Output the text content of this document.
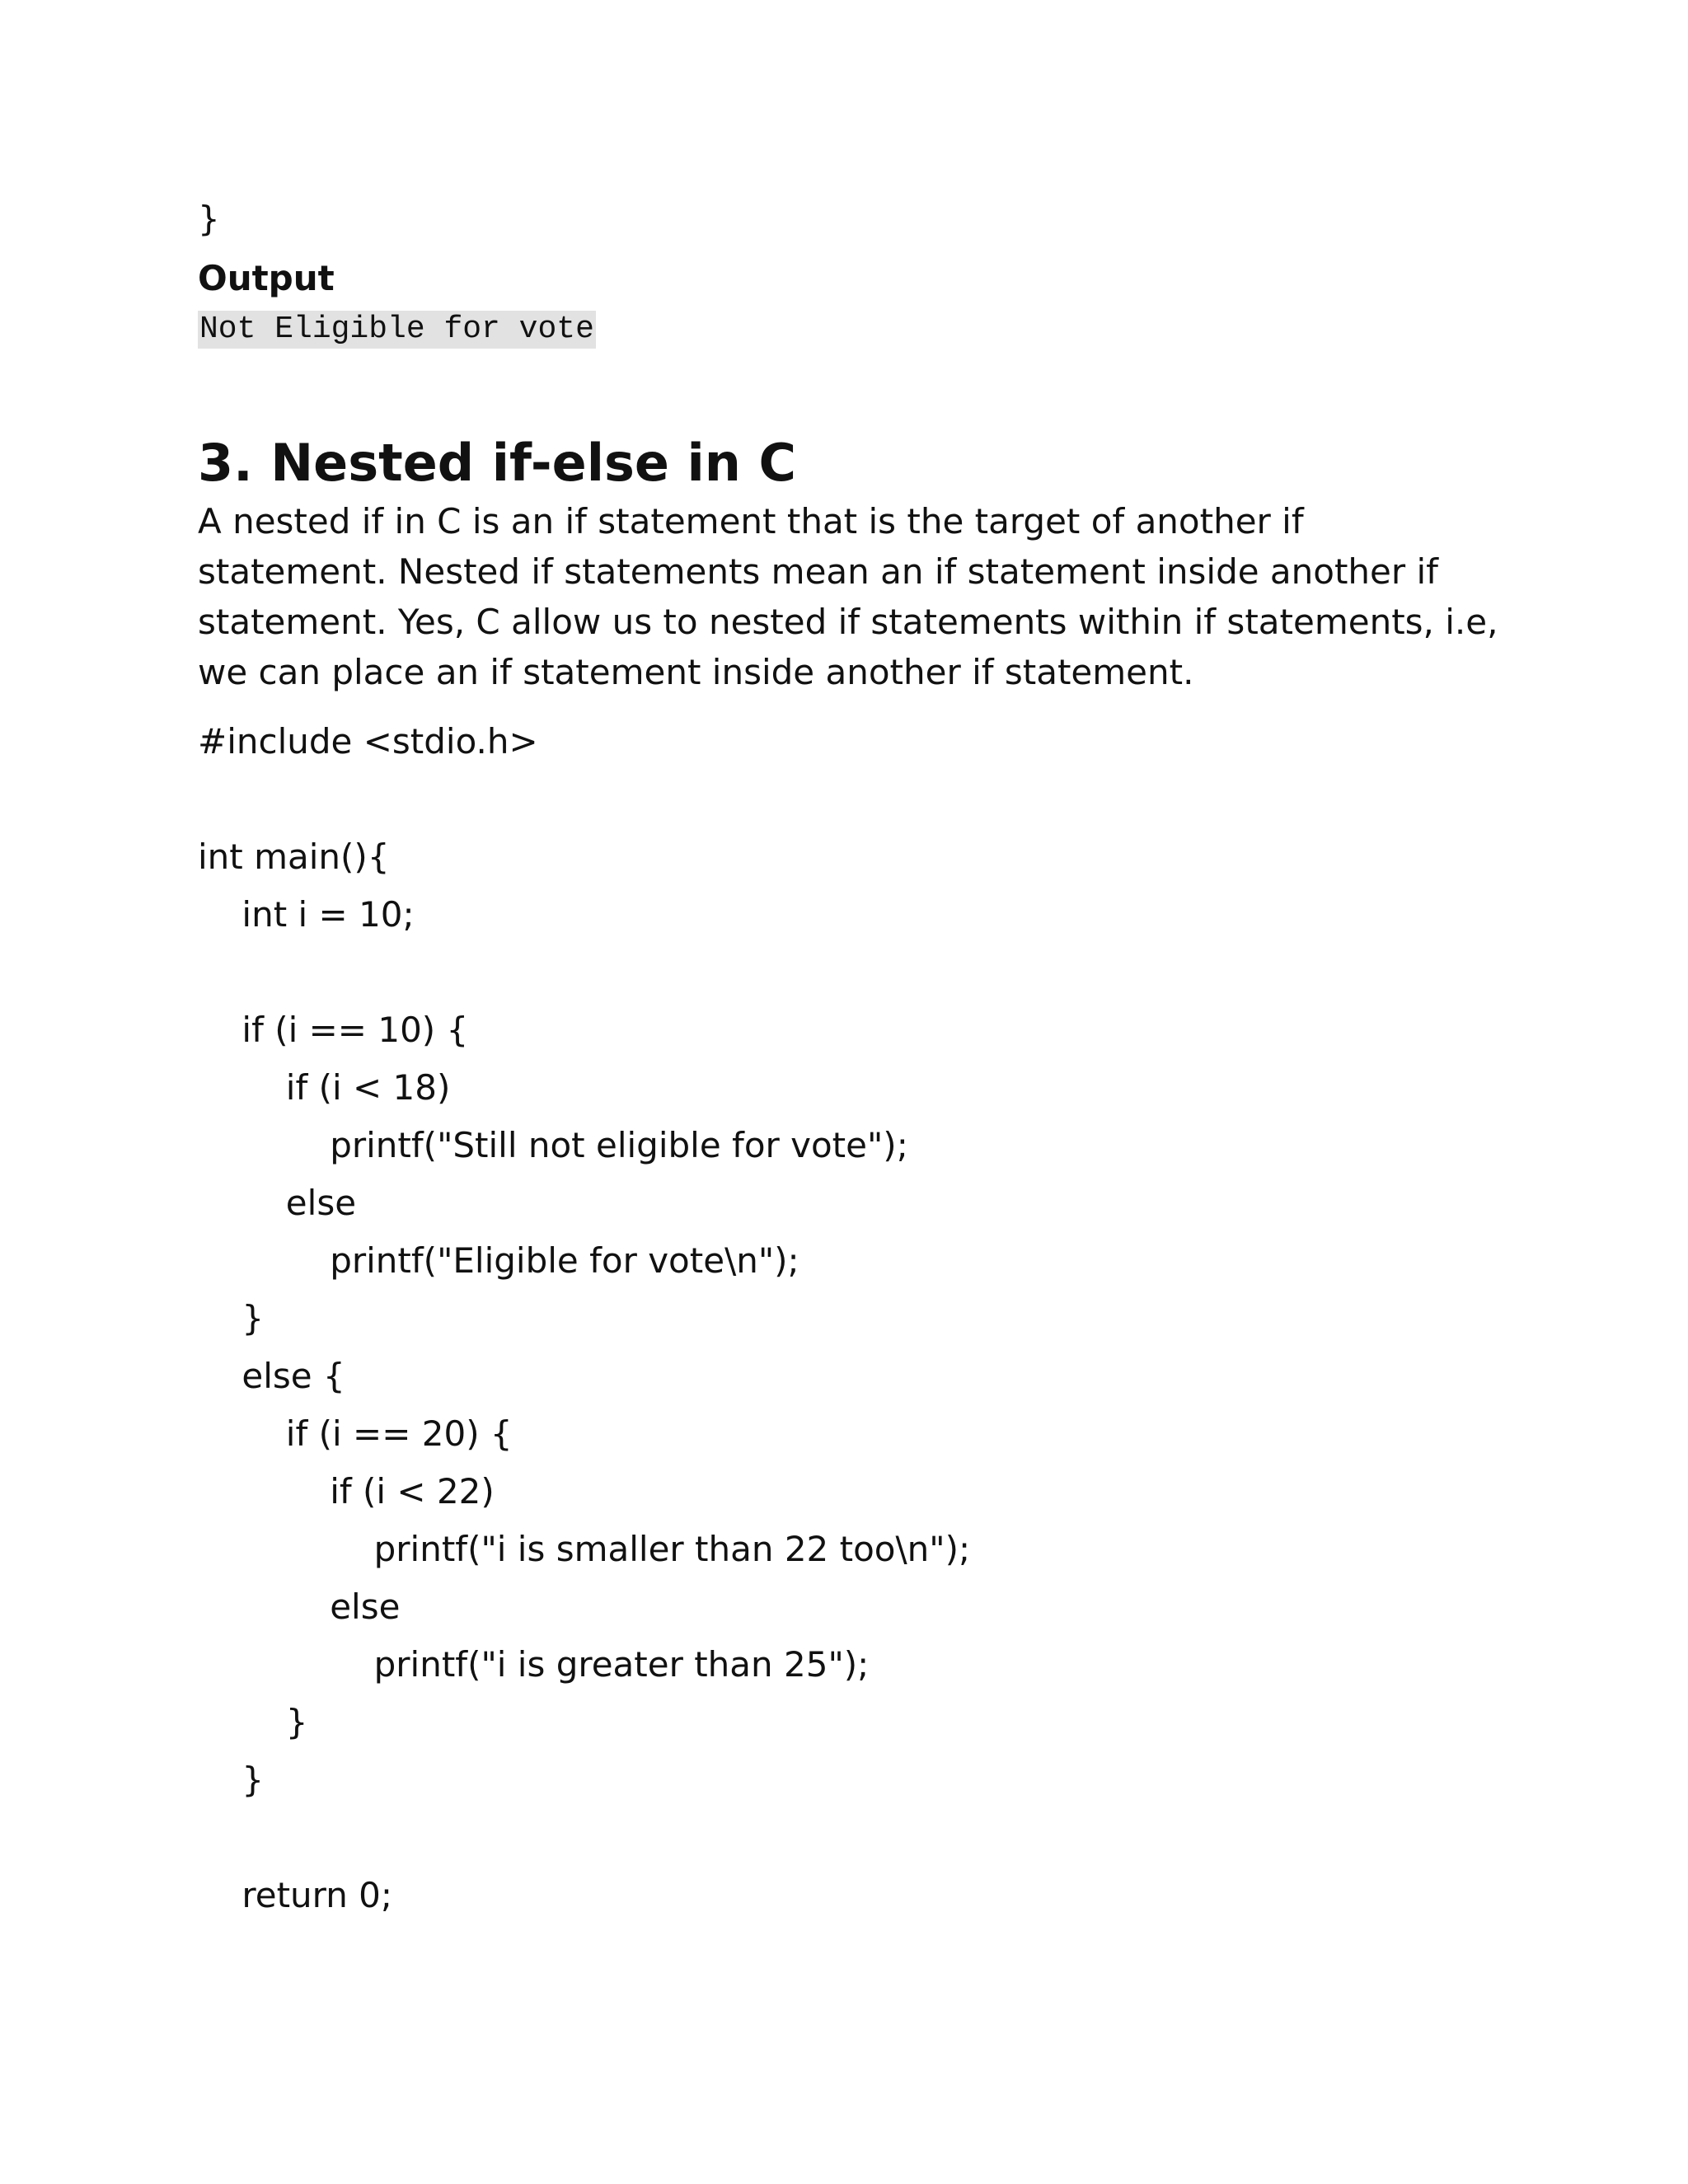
}
Output
Not Eligible for vote
3. Nested if-else in C

A nested if in C is an if statement that is the target of another if statement. Nested if statements mean an if statement inside another if statement. Yes, C allow us to nested if statements within if statements, i.e, we can place an if statement inside another if statement.

#include <stdio.h>
int main(){
int i = 10;
if (i == 10) {
if (i < 18)
printf("Still not eligible for vote");
else
printf("Eligible for vote\n");
}
else {
if (i == 20) {
if (i < 22)
printf("i is smaller than 22 too\n");
else
printf("i is greater than 25");
}
}
return 0;
